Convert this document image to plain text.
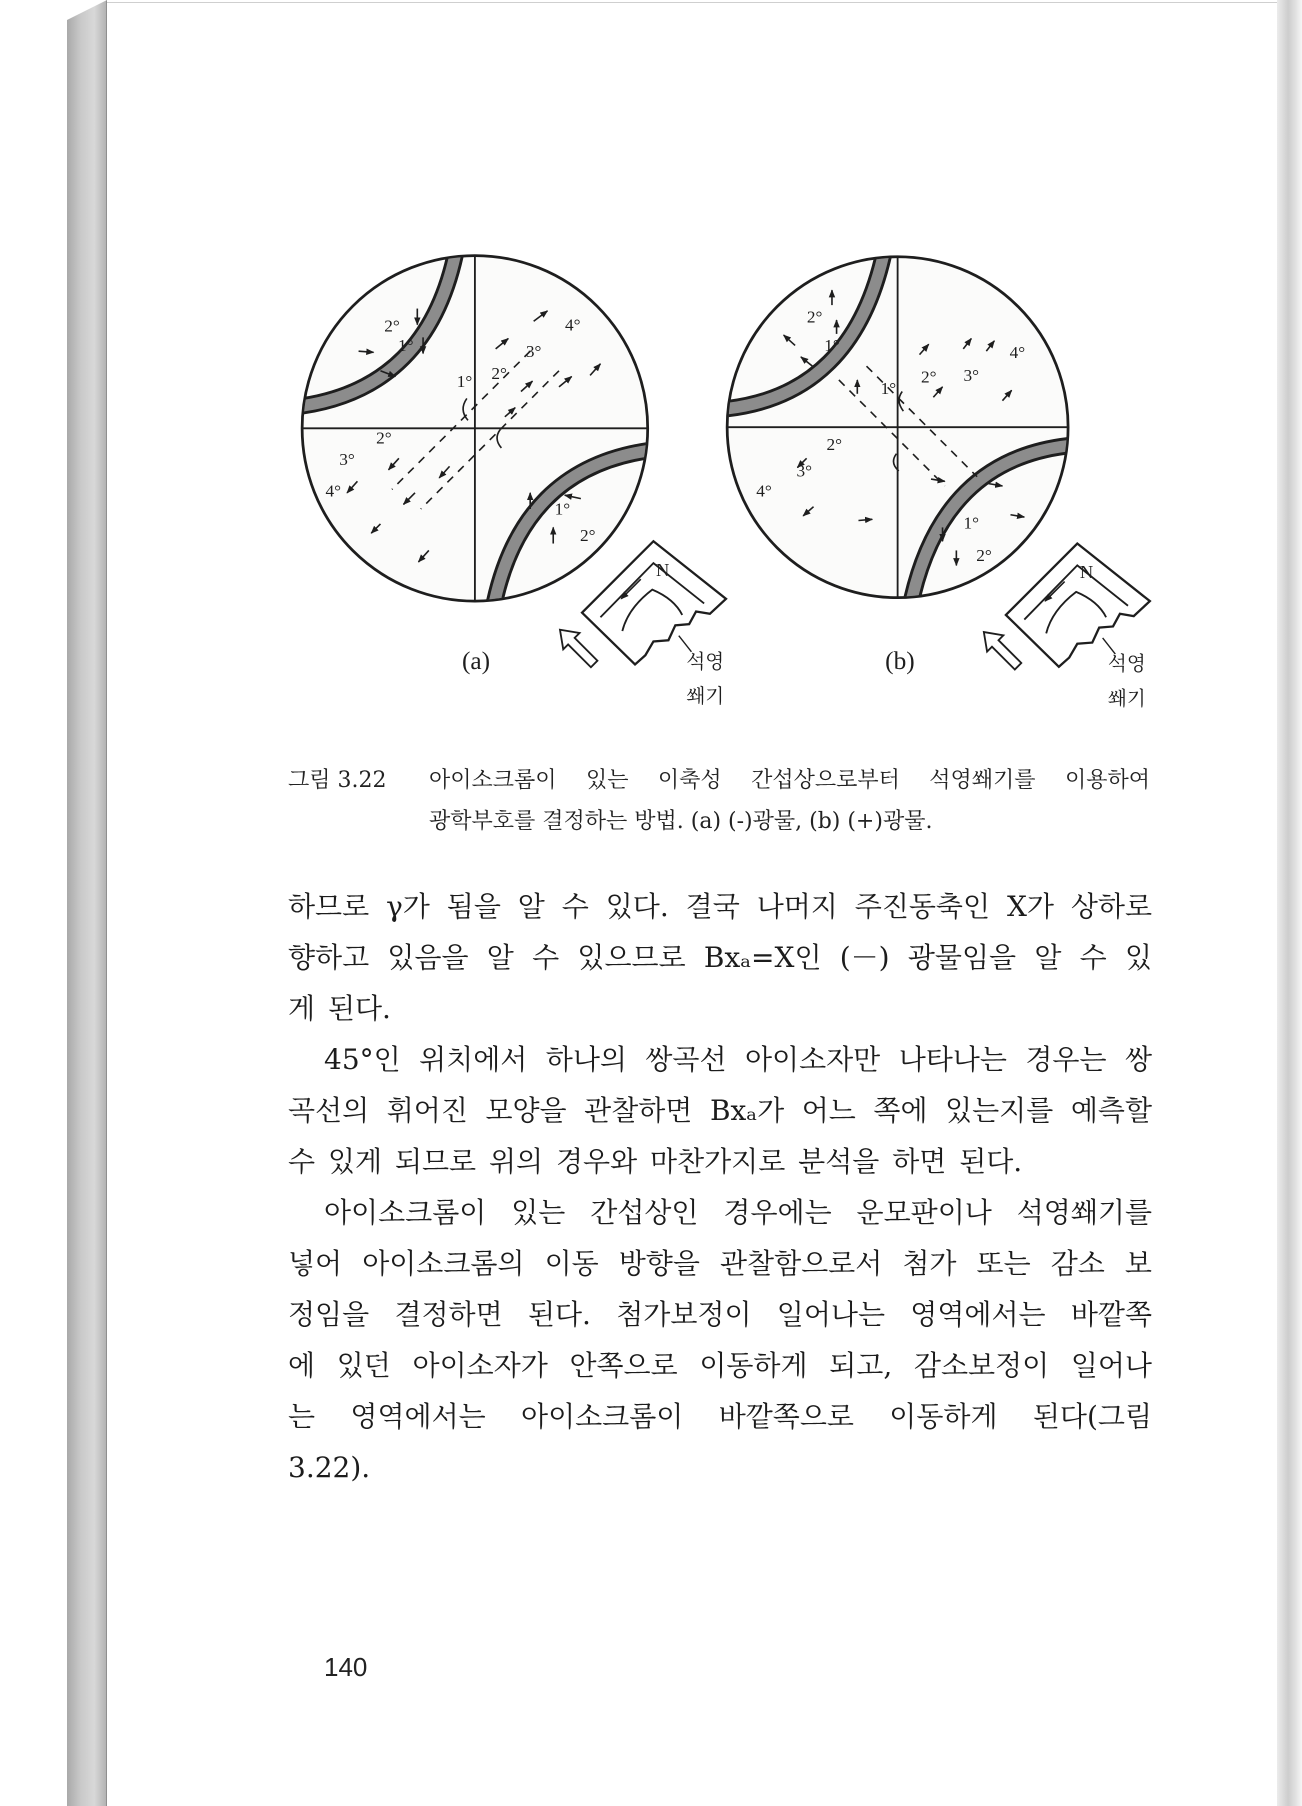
2°
1°
1° 2°
3°
4°
2°
3°
4°
1°
2°
(a)
N
석영
쐐기
2°
1°
1°
2° 3°
4°
2°
3°
4°
1°
2°
(b)
N
석영
쐐기
그림 3.22	아이소크롬이 있는 이축성 간섭상으로부터 석영쐐기를 이용하여
광학부호를 결정하는 방법. (a) (-)광물, (b) (+)광물.
하므로 γ가 됨을 알 수 있다. 결국 나머지 주진동축인 X가 상하로
향하고 있음을 알 수 있으므로 Bxₐ=X인 (－) 광물임을 알 수 있
게 된다.
45°인 위치에서 하나의 쌍곡선 아이소자만 나타나는 경우는 쌍
곡선의 휘어진 모양을 관찰하면 Bxₐ가 어느 쪽에 있는지를 예측할
수 있게 되므로 위의 경우와 마찬가지로 분석을 하면 된다.
아이소크롬이 있는 간섭상인 경우에는 운모판이나 석영쐐기를
넣어 아이소크롬의 이동 방향을 관찰함으로서 첨가 또는 감소 보
정임을 결정하면 된다. 첨가보정이 일어나는 영역에서는 바깥쪽
에 있던 아이소자가 안쪽으로 이동하게 되고, 감소보정이 일어나
는 영역에서는 아이소크롬이 바깥쪽으로 이동하게 된다(그림
3.22).
140
